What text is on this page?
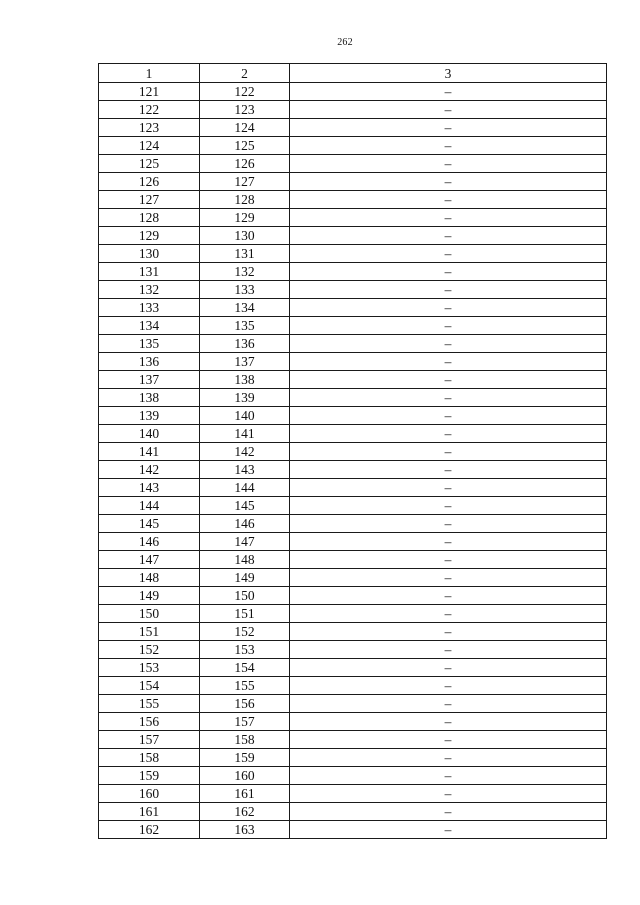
262
1	2	3
121	122	–
122	123	–
123	124	–
124	125	–
125	126	–
126	127	–
127	128	–
128	129	–
129	130	–
130	131	–
131	132	–
132	133	–
133	134	–
134	135	–
135	136	–
136	137	–
137	138	–
138	139	–
139	140	–
140	141	–
141	142	–
142	143	–
143	144	–
144	145	–
145	146	–
146	147	–
147	148	–
148	149	–
149	150	–
150	151	–
151	152	–
152	153	–
153	154	–
154	155	–
155	156	–
156	157	–
157	158	–
158	159	–
159	160	–
160	161	–
161	162	–
162	163	–
